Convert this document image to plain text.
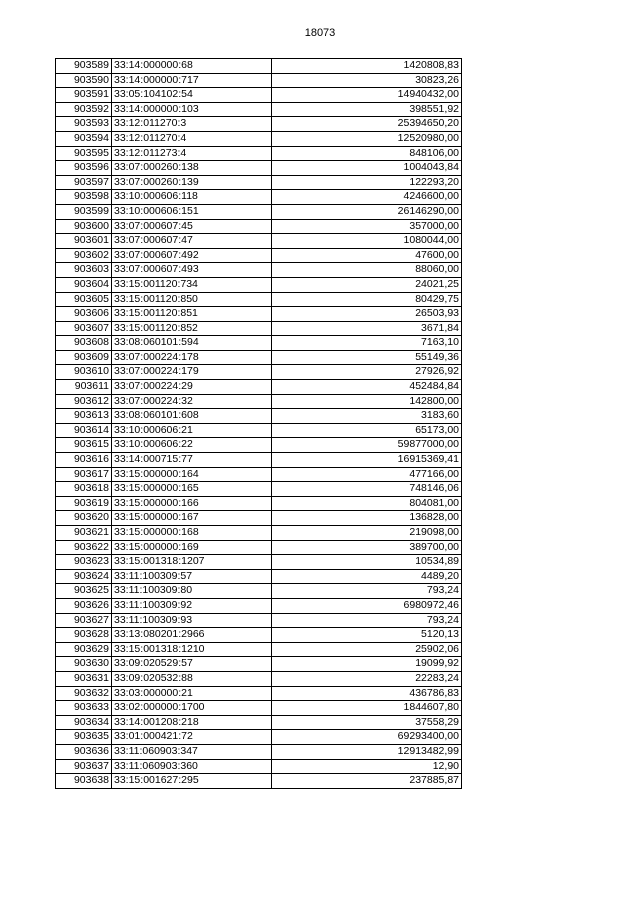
18073
903589	33:14:000000:68	1420808,83
903590	33:14:000000:717	30823,26
903591	33:05:104102:54	14940432,00
903592	33:14:000000:103	398551,92
903593	33:12:011270:3	25394650,20
903594	33:12:011270:4	12520980,00
903595	33:12:011273:4	848106,00
903596	33:07:000260:138	1004043,84
903597	33:07:000260:139	122293,20
903598	33:10:000606:118	4246600,00
903599	33:10:000606:151	26146290,00
903600	33:07:000607:45	357000,00
903601	33:07:000607:47	1080044,00
903602	33:07:000607:492	47600,00
903603	33:07:000607:493	88060,00
903604	33:15:001120:734	24021,25
903605	33:15:001120:850	80429,75
903606	33:15:001120:851	26503,93
903607	33:15:001120:852	3671,84
903608	33:08:060101:594	7163,10
903609	33:07:000224:178	55149,36
903610	33:07:000224:179	27926,92
903611	33:07:000224:29	452484,84
903612	33:07:000224:32	142800,00
903613	33:08:060101:608	3183,60
903614	33:10:000606:21	65173,00
903615	33:10:000606:22	59877000,00
903616	33:14:000715:77	16915369,41
903617	33:15:000000:164	477166,00
903618	33:15:000000:165	748146,06
903619	33:15:000000:166	804081,00
903620	33:15:000000:167	136828,00
903621	33:15:000000:168	219098,00
903622	33:15:000000:169	389700,00
903623	33:15:001318:1207	10534,89
903624	33:11:100309:57	4489,20
903625	33:11:100309:80	793,24
903626	33:11:100309:92	6980972,46
903627	33:11:100309:93	793,24
903628	33:13:080201:2966	5120,13
903629	33:15:001318:1210	25902,06
903630	33:09:020529:57	19099,92
903631	33:09:020532:88	22283,24
903632	33:03:000000:21	436786,83
903633	33:02:000000:1700	1844607,80
903634	33:14:001208:218	37558,29
903635	33:01:000421:72	69293400,00
903636	33:11:060903:347	12913482,99
903637	33:11:060903:360	12,90
903638	33:15:001627:295	237885,87
